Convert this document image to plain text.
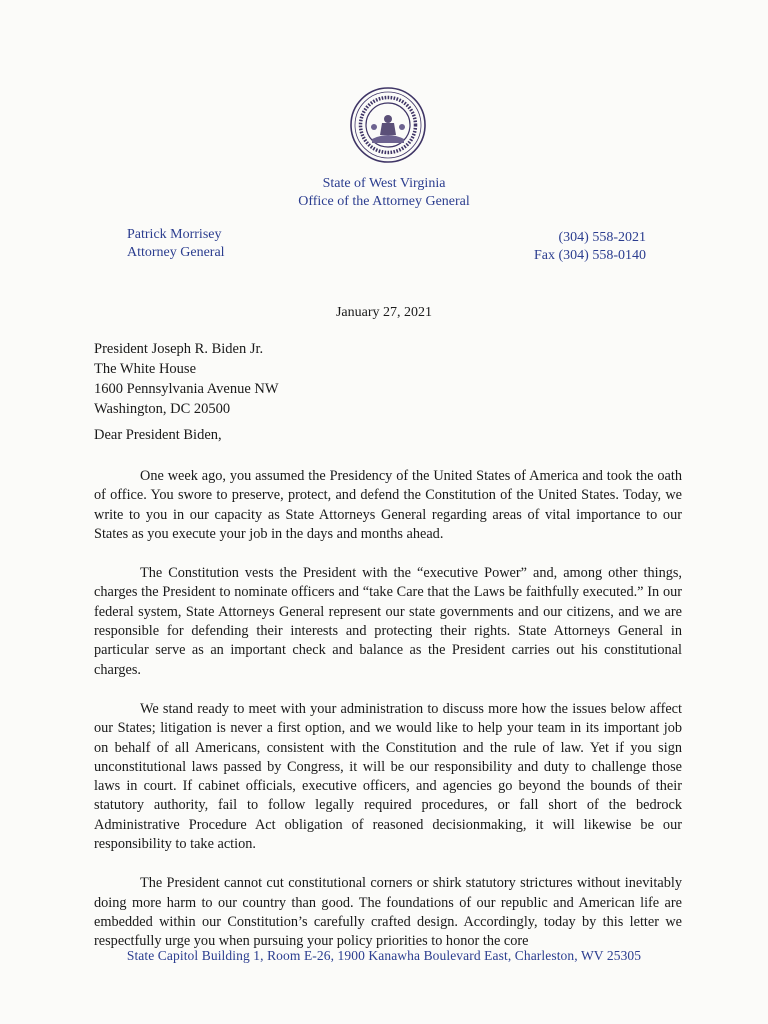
State of West Virginia
Office of the Attorney General
Patrick Morrisey
Attorney General
(304) 558-2021
Fax (304) 558-0140
January 27, 2021
President Joseph R. Biden Jr.
The White House
1600 Pennsylvania Avenue NW
Washington, DC 20500
Dear President Biden,

One week ago, you assumed the Presidency of the United States of America and took the oath of office. You swore to preserve, protect, and defend the Constitution of the United States. Today, we write to you in our capacity as State Attorneys General regarding areas of vital importance to our States as you execute your job in the days and months ahead.

The Constitution vests the President with the “executive Power” and, among other things, charges the President to nominate officers and “take Care that the Laws be faithfully executed.” In our federal system, State Attorneys General represent our state governments and our citizens, and we are responsible for defending their interests and protecting their rights. State Attorneys General in particular serve as an important check and balance as the President carries out his constitutional charges.

We stand ready to meet with your administration to discuss more how the issues below affect our States; litigation is never a first option, and we would like to help your team in its important job on behalf of all Americans, consistent with the Constitution and the rule of law. Yet if you sign unconstitutional laws passed by Congress, it will be our responsibility and duty to challenge those laws in court. If cabinet officials, executive officers, and agencies go beyond the bounds of their statutory authority, fail to follow legally required procedures, or fall short of the bedrock Administrative Procedure Act obligation of reasoned decisionmaking, it will likewise be our responsibility to take action.

The President cannot cut constitutional corners or shirk statutory strictures without inevitably doing more harm to our country than good. The foundations of our republic and American life are embedded within our Constitution’s carefully crafted design. Accordingly, today by this letter we respectfully urge you when pursuing your policy priorities to honor the core

State Capitol Building 1, Room E-26, 1900 Kanawha Boulevard East, Charleston, WV 25305
